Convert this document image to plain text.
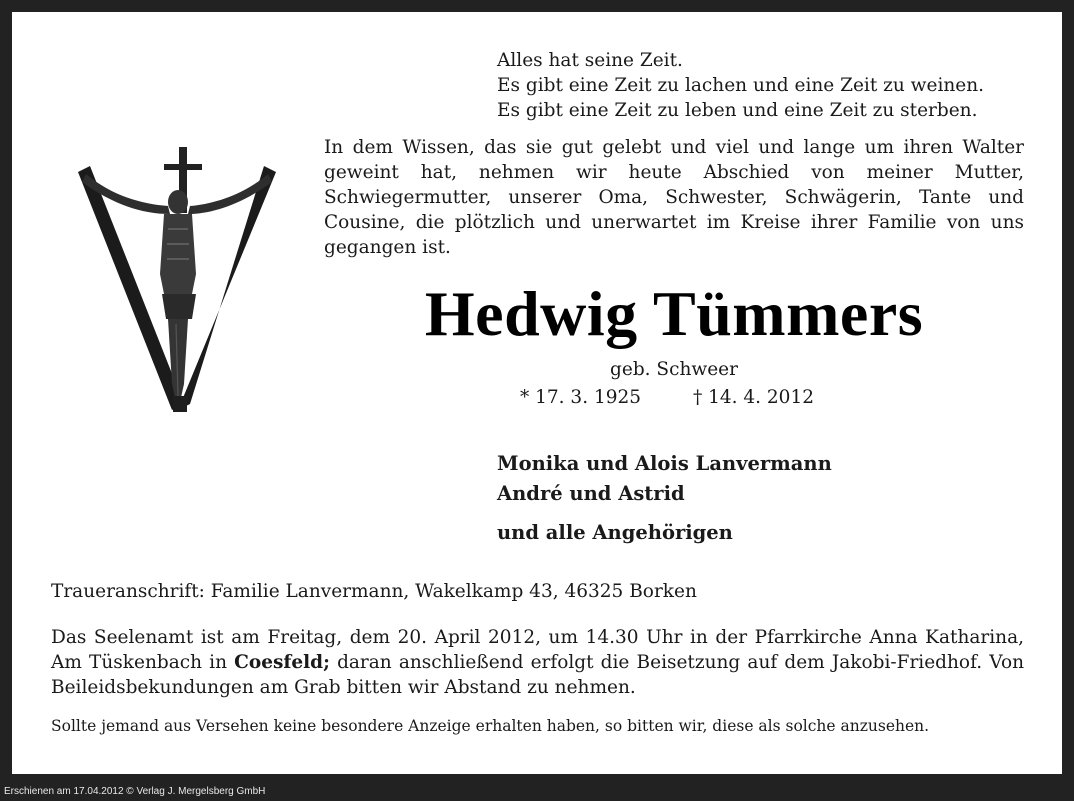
Alles hat seine Zeit.
Es gibt eine Zeit zu lachen und eine Zeit zu weinen.
Es gibt eine Zeit zu leben und eine Zeit zu sterben.
In dem Wissen, das sie gut gelebt und viel und lange um ihren Walter geweint hat, nehmen wir heute Abschied von meiner Mutter, Schwiegermutter, unserer Oma, Schwester, Schwägerin, Tante und Cousine, die plötzlich und unerwartet im Kreise ihrer Familie von uns gegangen ist.
Hedwig Tümmers
geb. Schweer
* 17. 3. 1925	† 14. 4. 2012
Monika und Alois Lanvermann
André und Astrid
und alle Angehörigen
Traueranschrift: Familie Lanvermann, Wakelkamp 43, 46325 Borken
Das Seelenamt ist am Freitag, dem 20. April 2012, um 14.30 Uhr in der Pfarrkirche Anna Katharina, Am Tüskenbach in Coesfeld; daran anschließend erfolgt die Beisetzung auf dem Jakobi-Friedhof. Von Beileidsbekundungen am Grab bitten wir Abstand zu nehmen.
Sollte jemand aus Versehen keine besondere Anzeige erhalten haben, so bitten wir, diese als solche anzusehen.
Erschienen am 17.04.2012 © Verlag J. Mergelsberg GmbH
